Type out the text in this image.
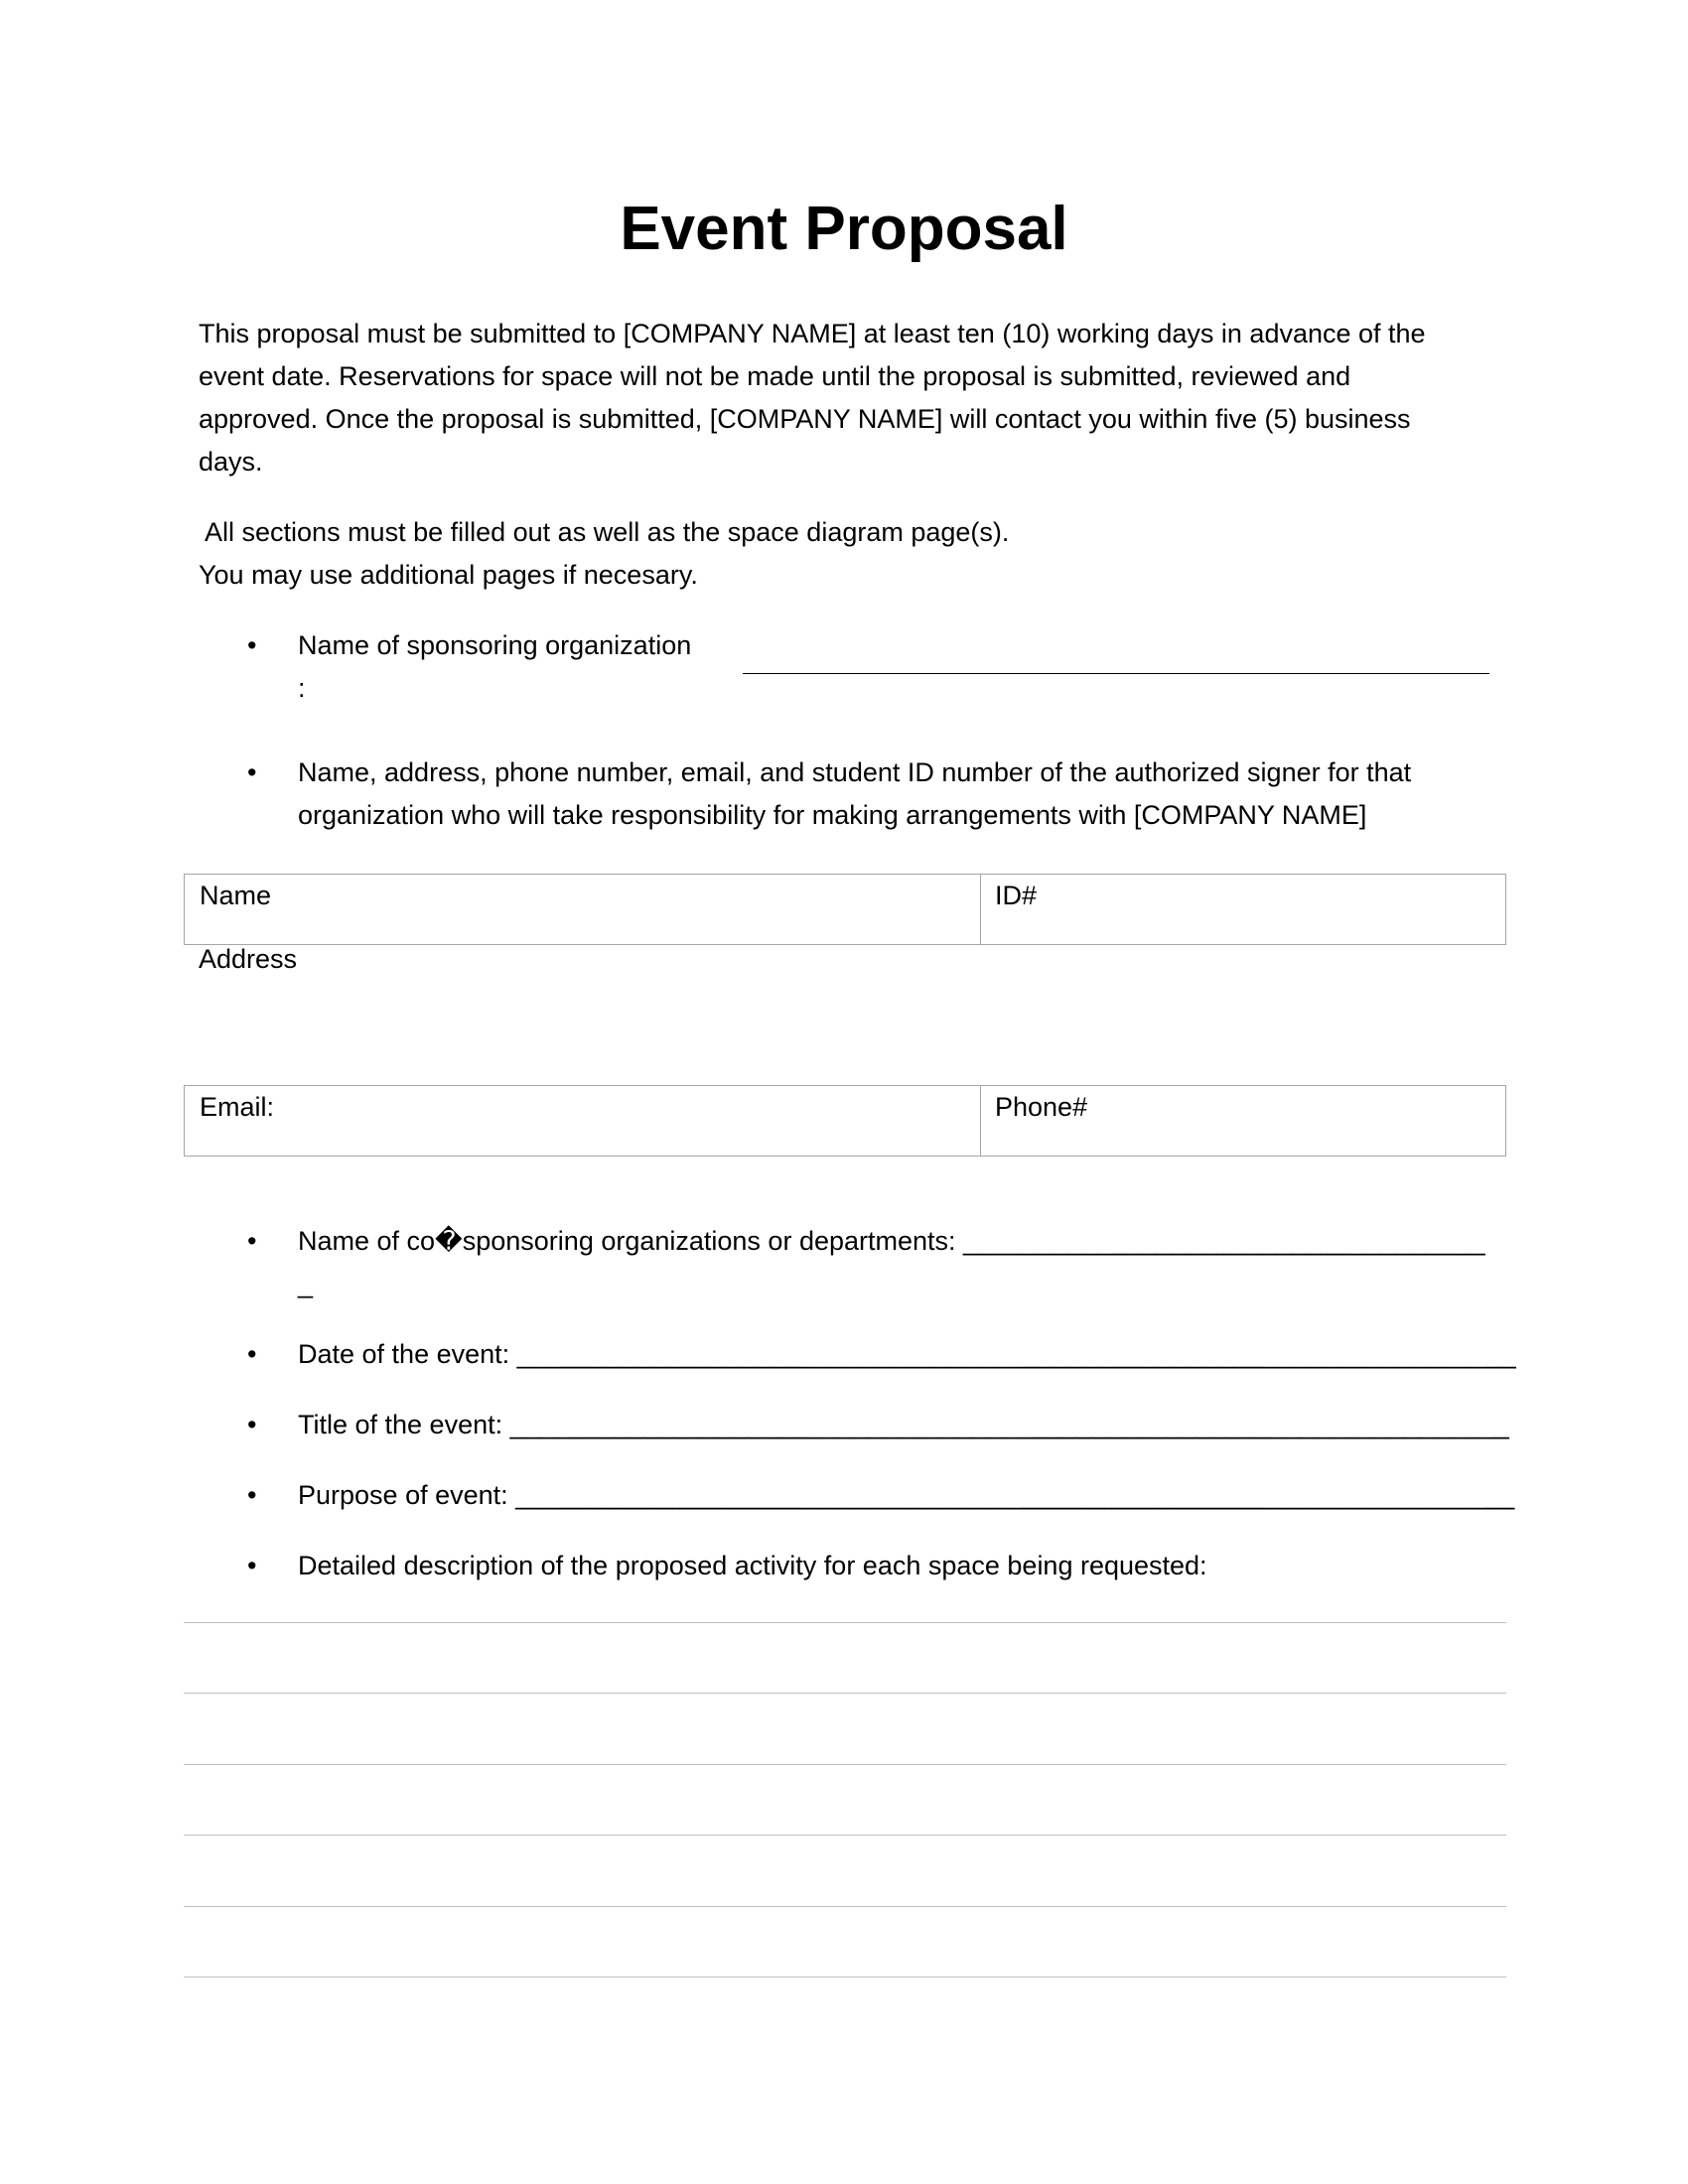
Event Proposal
This proposal must be submitted to [COMPANY NAME] at least ten (10) working days in advance of the
event date. Reservations for space will not be made until the proposal is submitted, reviewed and
approved. Once the proposal is submitted, [COMPANY NAME] will contact you within five (5) business
days.
All sections must be filled out as well as the space diagram page(s).
You may use additional pages if necesary.
• Name of sponsoring organization
:
• Name, address, phone number, email, and student ID number of the authorized signer for that
organization who will take responsibility for making arrangements with [COMPANY NAME]
Name	ID#
Address
Email:	Phone#
• Name of co�sponsoring organizations or departments: ___________________________________
_
• Date of the event: ___________________________________________________________________
• Title of the event: ___________________________________________________________________
• Purpose of event: ___________________________________________________________________
• Detailed description of the proposed activity for each space being requested:
